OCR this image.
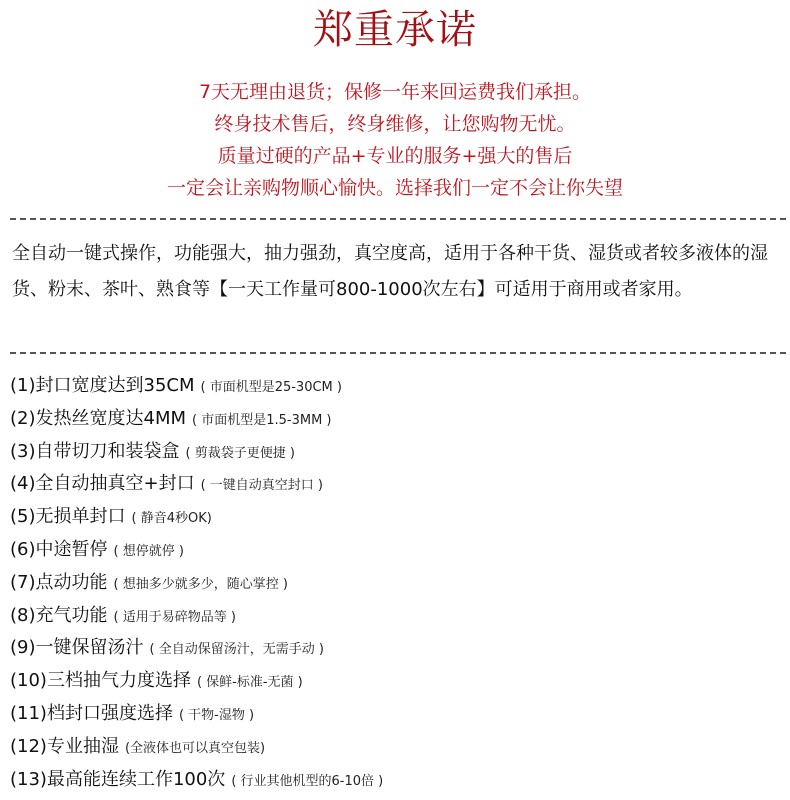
郑重承诺
7天无理由退货；保修一年来回运费我们承担。
终身技术售后，终身维修，让您购物无忧。
质量过硬的产品+专业的服务+强大的售后
一定会让亲购物顺心愉快。选择我们一定不会让你失望
全自动一键式操作，功能强大，抽力强劲，真空度高，适用于各种干货、湿货或者较多液体的湿货、粉末、茶叶、熟食等【一天工作量可800-1000次左右】可适用于商用或者家用。
(1)封口宽度达到35CM ( 市面机型是25-30CM )
(2)发热丝宽度达4MM ( 市面机型是1.5-3MM )
(3)自带切刀和装袋盒 ( 剪裁袋子更便捷 )
(4)全自动抽真空+封口 ( 一键自动真空封口 )
(5)无损单封口 ( 静音4秒OK)
(6)中途暂停 ( 想停就停 )
(7)点动功能 ( 想抽多少就多少，随心掌控 )
(8)充气功能 ( 适用于易碎物品等 )
(9)一键保留汤汁 ( 全自动保留汤汁，无需手动 )
(10)三档抽气力度选择 ( 保鲜-标准-无菌 )
(11)档封口强度选择 ( 干物-湿物 )
(12)专业抽湿 (全液体也可以真空包装)
(13)最高能连续工作100次 ( 行业其他机型的6-10倍 )
